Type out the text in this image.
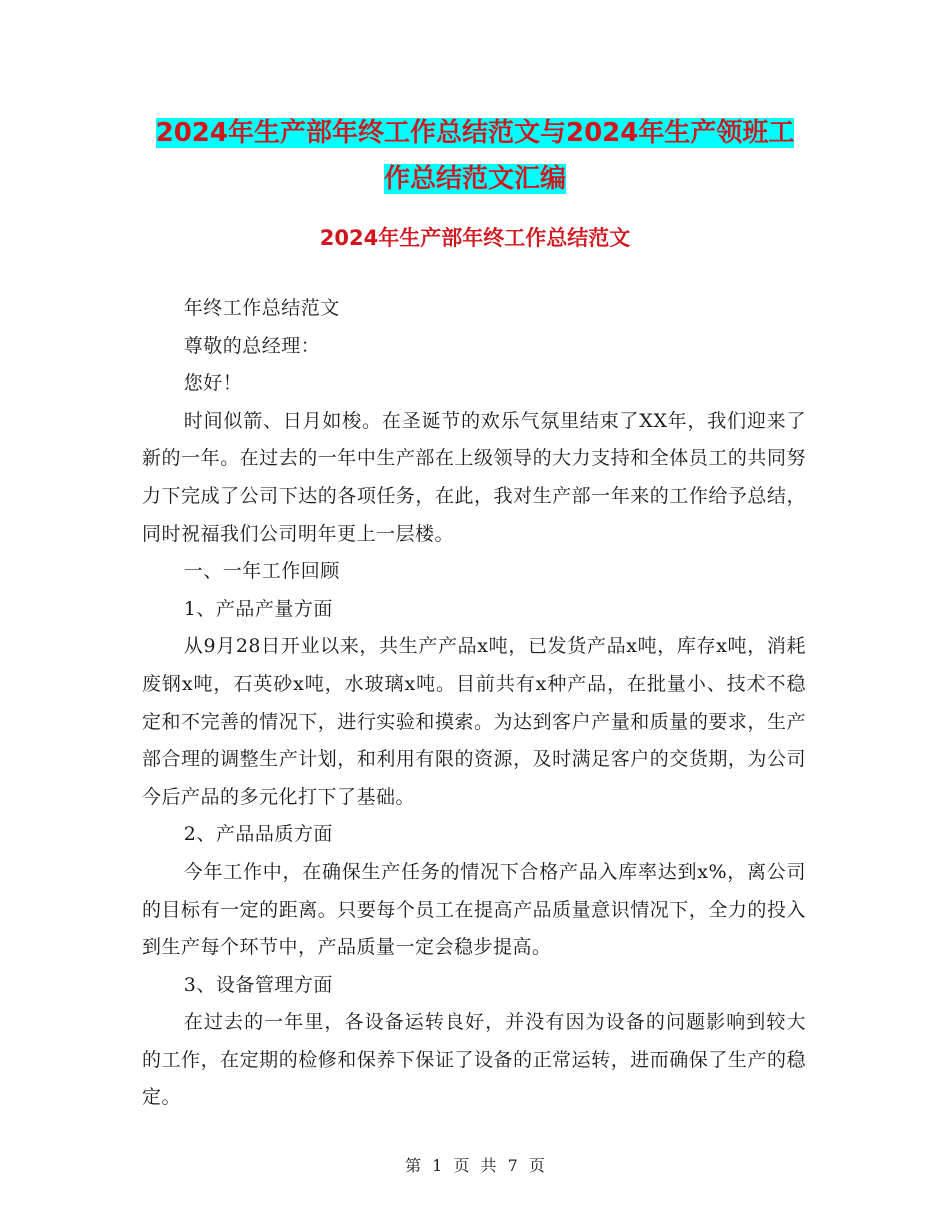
2024年生产部年终工作总结范文与2024年生产领班工
作总结范文汇编
2024年生产部年终工作总结范文

年终工作总结范文

尊敬的总经理：

您好！

时间似箭、日月如梭。在圣诞节的欢乐气氛里结束了XX年，我们迎来了新的一年。在过去的一年中生产部在上级领导的大力支持和全体员工的共同努力下完成了公司下达的各项任务，在此，我对生产部一年来的工作给予总结，同时祝福我们公司明年更上一层楼。

一、一年工作回顾

1、产品产量方面

从9月28日开业以来，共生产产品x吨，已发货产品x吨，库存x吨，消耗废钢x吨，石英砂x吨，水玻璃x吨。目前共有x种产品，在批量小、技术不稳定和不完善的情况下，进行实验和摸索。为达到客户产量和质量的要求，生产部合理的调整生产计划，和利用有限的资源，及时满足客户的交货期，为公司今后产品的多元化打下了基础。

2、产品品质方面

今年工作中，在确保生产任务的情况下合格产品入库率达到x%，离公司的目标有一定的距离。只要每个员工在提高产品质量意识情况下，全力的投入到生产每个环节中，产品质量一定会稳步提高。

3、设备管理方面

在过去的一年里，各设备运转良好，并没有因为设备的问题影响到较大的工作，在定期的检修和保养下保证了设备的正常运转，进而确保了生产的稳定。

第 1 页 共 7 页
